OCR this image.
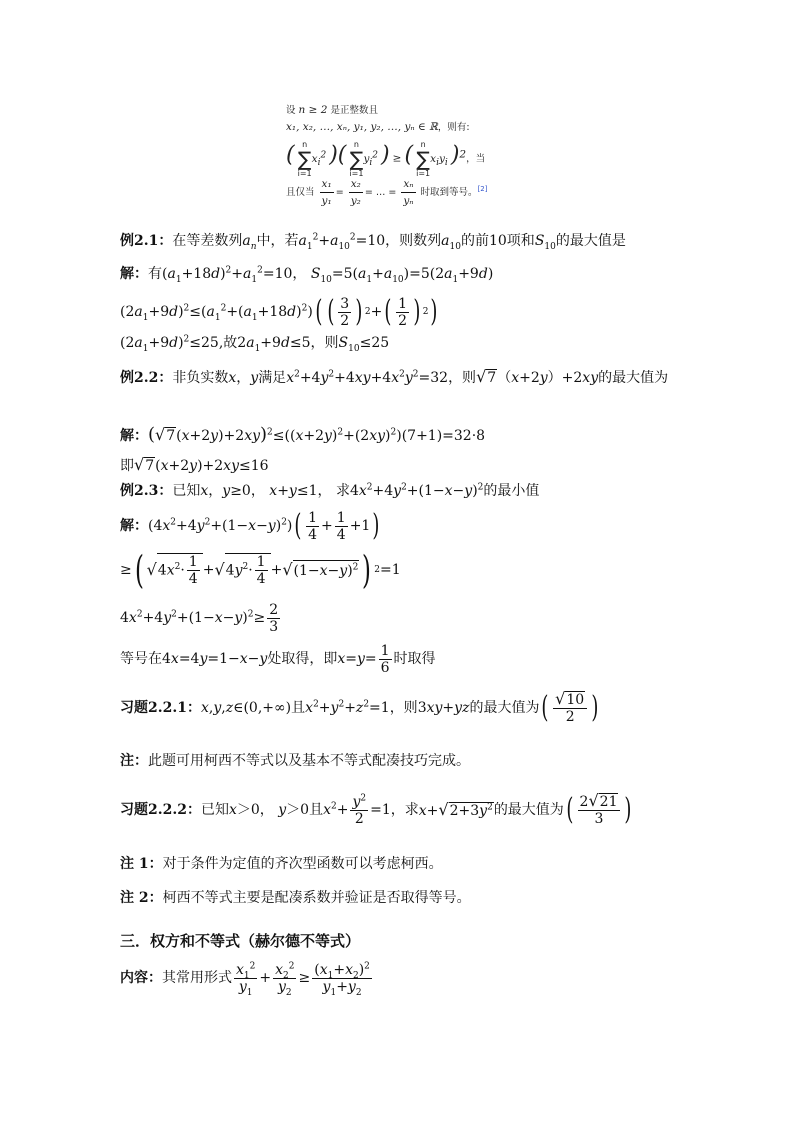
设 n ≥ 2 是正整数且
x₁, x₂, …, xₙ, y₁, y₂, …, yₙ ∈ ℝ，则有:
( n
∑
i=1
$x_i^2$ )( n
∑
i=1
$y_i^2$ ) ≥ ( n
∑
i=1
$x_iy_i$ )$^2$，当
且仅当 $\frac{\text{x₁}}{\text{y₁}} = \frac{\text{x₂}}{\text{y₂}}$ = … = $\frac{\text{xₙ}}{\text{yₙ}}$ 时取到等号。[2]
例2.1：在等差数列$a_n$中，若$a_1^2+a_{10}^2=10$，则数列$a_{10}$的前10项和$S_{10}$的最大值是
解：有$(a_1+18d)^2+a_1^2=10$， $S_{10}=5(a_1+a_{10})=5(2a_1+9d)$
$(2a_1+9d)^2\le(a_1^2+(a_1+18d)^2)$ ( ( $\frac{3}{2}$ ) 2 + ( $\frac{1}{2}$ ) 2 )
$(2a_1+9d)^2\le 25$,故$2a_1+9d\le 5$，则$S_{10}\le 25$
例2.2：非负实数x，y满足$x^2+4y^2+4xy+4x^2y^2=32$，则√7（x+2y）+2xy的最大值为
解：$(√7(x+2y)+2xy)^2\le((x+2y)^2+(2xy)^2)(7+1)=32\cdot 8$
即√7(x+2y)+2xy≤16
例2.3：已知x，y≥0， x+y≤1， 求$4x^2+4y^2+(1-x-y)^2$的最小值
解： $(4x^2+4y^2+(1-x-y)^2)$ ( $\frac{1}{4} + \frac{1}{4} +1$ )
≥ ( √ $4x^2\cdot \frac{1}{4}$ + √ $4y^2\cdot \frac{1}{4}$ + √ $(1-x-y)^2$ ) 2 =1
$4x^2+4y^2+(1-x-y)^2\ge \frac{2}{3}$
等号在 4x=4y=1−x−y 处取得，即 $x=y= \frac{1}{6}$ 时取得
习题2.2.1： x,y,z∈(0,+∞) 且 $x^2+y^2+z^2=1$ ，则 3xy+yz 的最大值为 ( $\frac{√10}{2}$ )
注：此题可用柯西不等式以及基本不等式配凑技巧完成。
习题2.2.2： 已知 x＞0， y＞0 且 $x^2+ \frac{y^2}{2} =1$ ，求 $x+√2+3y^2$ 的最大值为 ( $\frac{2√21}{3}$ )
注 1：对于条件为定值的齐次型函数可以考虑柯西。
注 2：柯西不等式主要是配凑系数并验证是否取得等号。
三．权方和不等式（赫尔德不等式）
内容： 其常用形式 $\frac{x_1^2}{y_1} + \frac{x_2^2}{y_2} \ge \frac{(x_1+x_2)^2}{y_1+y_2}$
